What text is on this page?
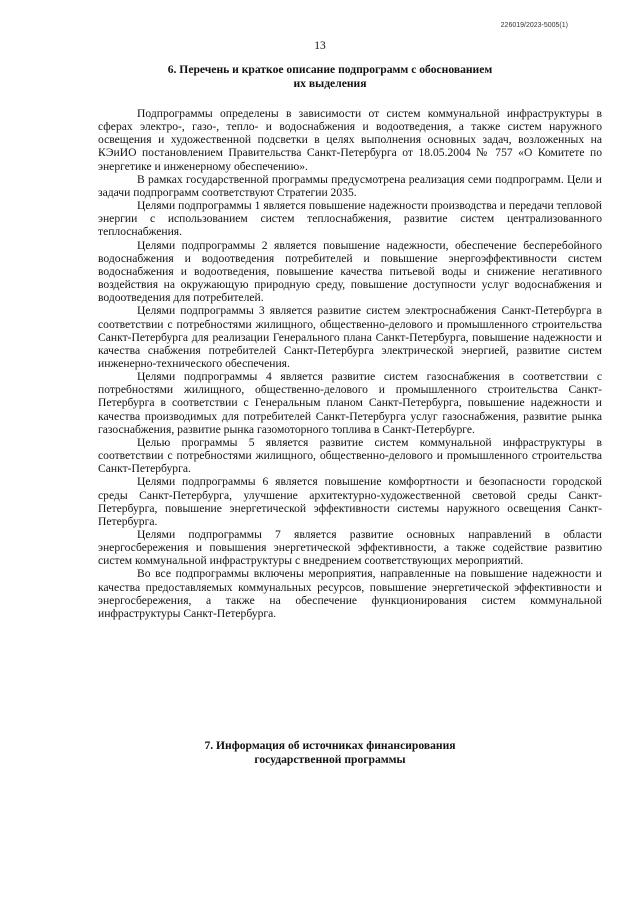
226019/2023-5005(1)
13
6. Перечень и краткое описание подпрограмм с обоснованием
их выделения

Подпрограммы определены в зависимости от систем коммунальной инфраструктуры в сферах электро-, газо-, тепло- и водоснабжения и водоотведения, а также систем наружного освещения и художественной подсветки в целях выполнения основных задач, возложенных на КЭиИО постановлением Правительства Санкт-Петербурга от 18.05.2004 № 757 «О Комитете по энергетике и инженерному обеспечению».

В рамках государственной программы предусмотрена реализация семи подпрограмм. Цели и задачи подпрограмм соответствуют Стратегии 2035.

Целями подпрограммы 1 является повышение надежности производства и передачи тепловой энергии с использованием систем теплоснабжения, развитие систем централизованного теплоснабжения.

Целями подпрограммы 2 является повышение надежности, обеспечение бесперебойного водоснабжения и водоотведения потребителей и повышение энергоэффективности систем водоснабжения и водоотведения, повышение качества питьевой воды и снижение негативного воздействия на окружающую природную среду, повышение доступности услуг водоснабжения и водоотведения для потребителей.

Целями подпрограммы 3 является развитие систем электроснабжения Санкт-Петербурга в соответствии с потребностями жилищного, общественно-делового и промышленного строительства Санкт-Петербурга для реализации Генерального плана Санкт-Петербурга, повышение надежности и качества снабжения потребителей Санкт-Петербурга электрической энергией, развитие систем инженерно-технического обеспечения.

Целями подпрограммы 4 является развитие систем газоснабжения в соответствии с потребностями жилищного, общественно-делового и промышленного строительства Санкт-Петербурга в соответствии с Генеральным планом Санкт-Петербурга, повышение надежности и качества производимых для потребителей Санкт-Петербурга услуг газоснабжения, развитие рынка газоснабжения, развитие рынка газомоторного топлива в Санкт-Петербурге.

Целью программы 5 является развитие систем коммунальной инфраструктуры в соответствии с потребностями жилищного, общественно-делового и промышленного строительства Санкт-Петербурга.

Целями подпрограммы 6 является повышение комфортности и безопасности городской среды Санкт-Петербурга, улучшение архитектурно-художественной световой среды Санкт-Петербурга, повышение энергетической эффективности системы наружного освещения Санкт-Петербурга.

Целями подпрограммы 7 является развитие основных направлений в области энергосбережения и повышения энергетической эффективности, а также содействие развитию систем коммунальной инфраструктуры с внедрением соответствующих мероприятий.

Во все подпрограммы включены мероприятия, направленные на повышение надежности и качества предоставляемых коммунальных ресурсов, повышение энергетической эффективности и энергосбережения, а также на обеспечение функционирования систем коммунальной инфраструктуры Санкт-Петербурга.

7. Информация об источниках финансирования
государственной программы
